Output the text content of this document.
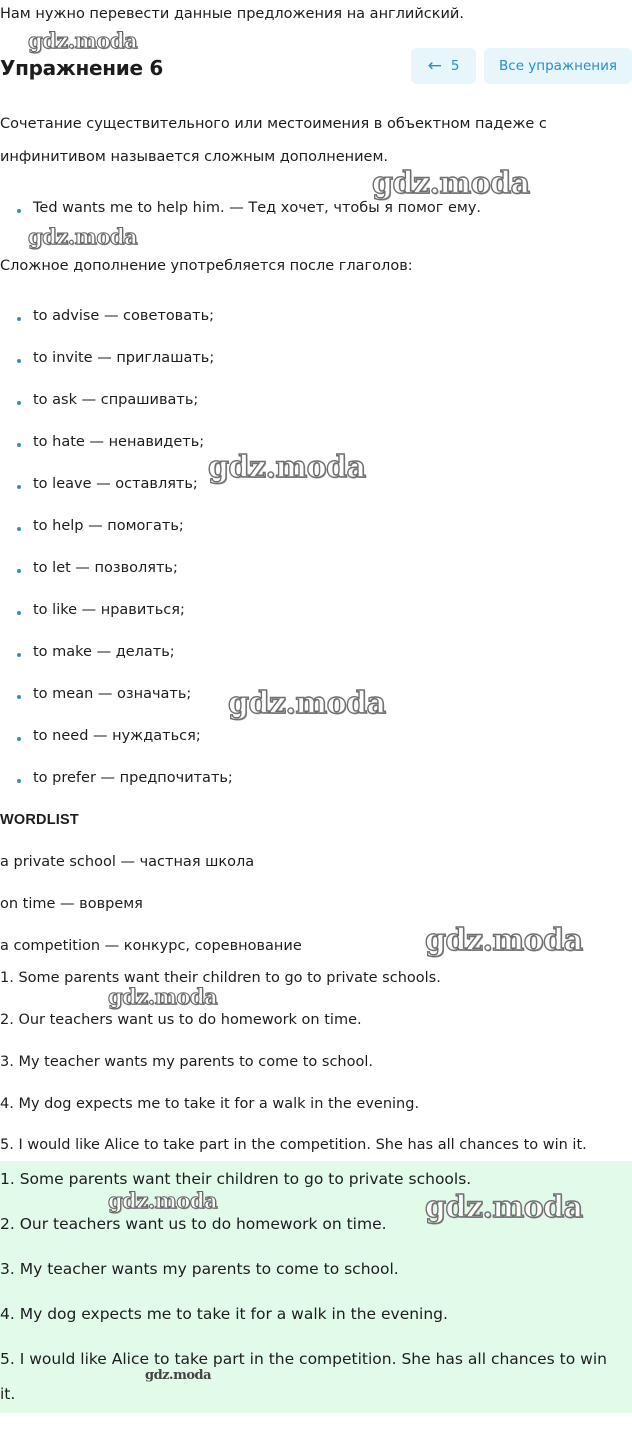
Нам нужно перевести данные предложения на английский.
Упражнение 6	← 5	Все упражнения
Сочетание существительного или местоимения в объектном падеже с
инфинитивом называется сложным дополнением.
Ted wants me to help him. — Тед хочет, чтобы я помог ему.
Сложное дополнение употребляется после глаголов:
to advise — советовать;
to invite — приглашать;
to ask — спрашивать;
to hate — ненавидеть;
to leave — оставлять;
to help — помогать;
to let — позволять;
to like — нравиться;
to make — делать;
to mean — означать;
to need — нуждаться;
to prefer — предпочитать;
WORDLIST
a private school — частная школа
on time — вовремя
a competition — конкурс, соревнование
1. Some parents want their children to go to private schools.
2. Our teachers want us to do homework on time.
3. My teacher wants my parents to come to school.
4. My dog expects me to take it for a walk in the evening.
5. I would like Alice to take part in the competition. She has all chances to win it.
1. Some parents want their children to go to private schools.
2. Our teachers want us to do homework on time.
3. My teacher wants my parents to come to school.
4. My dog expects me to take it for a walk in the evening.
5. I would like Alice to take part in the competition. She has all chances to win
it.
gdz.moda
gdz.moda
gdz.moda
gdz.moda
gdz.moda
gdz.moda
gdz.moda
gdz.moda	gdz.moda
gdz.moda
